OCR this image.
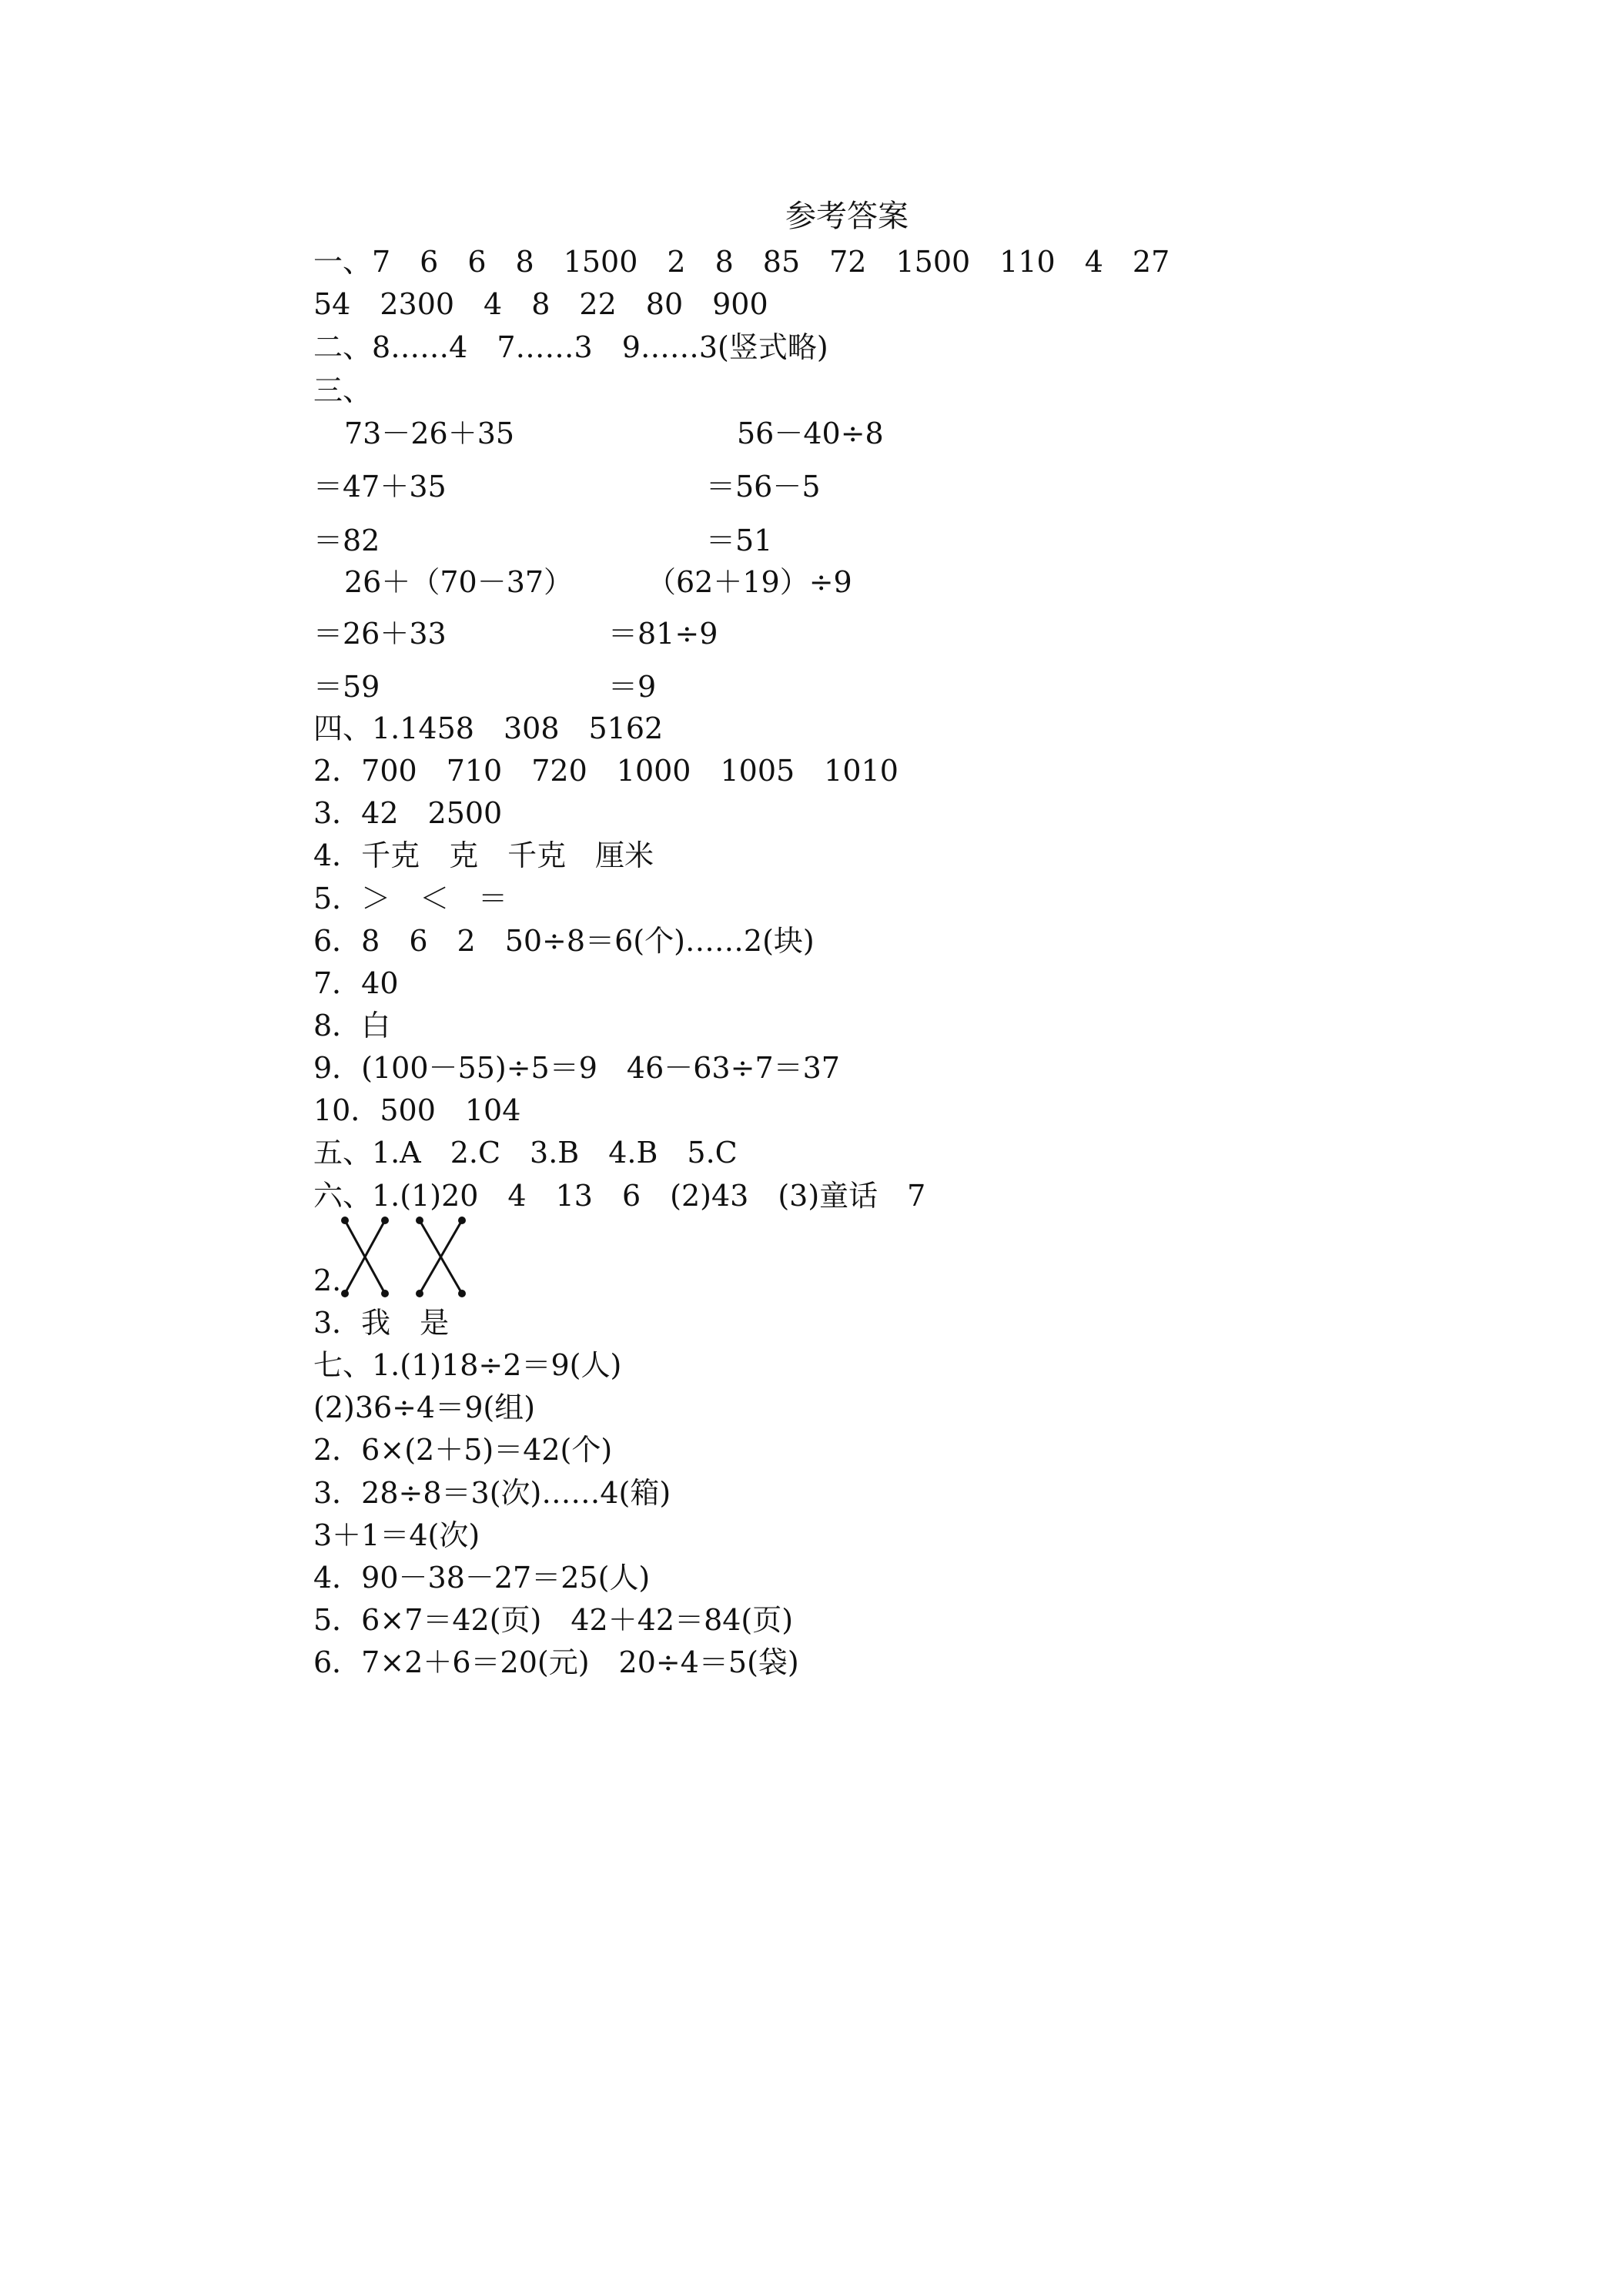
参考答案
一、7　6　6　8　1500　2　8　85　72　1500　110　4　27
54　2300　4　8　22　80　900
二、8……4　7……3　9……3(竖式略)
三、
73－26＋35
＝47＋35
＝82
56－40÷8
＝56－5
＝51
26＋（70－37）
＝26＋33
＝59
（62＋19）÷9
＝81÷9
＝9
四、1.1458　308　5162
2．700　710　720　1000　1005　1010
3．42　2500
4．千克　克　千克　厘米
5．＞　＜　＝
6．8　6　2　50÷8＝6(个)……2(块)
7．40
8．白
9．(100－55)÷5＝9　46－63÷7＝37
10．500　104
五、1.A　2.C　3.B　4.B　5.C
六、1.(1)20　4　13　6　(2)43　(3)童话　7
2.
3．我　是
七、1.(1)18÷2＝9(人)
(2)36÷4＝9(组)
2．6×(2＋5)＝42(个)
3．28÷8＝3(次)……4(箱)
3＋1＝4(次)
4．90－38－27＝25(人)
5．6×7＝42(页)　42＋42＝84(页)
6．7×2＋6＝20(元)　20÷4＝5(袋)
